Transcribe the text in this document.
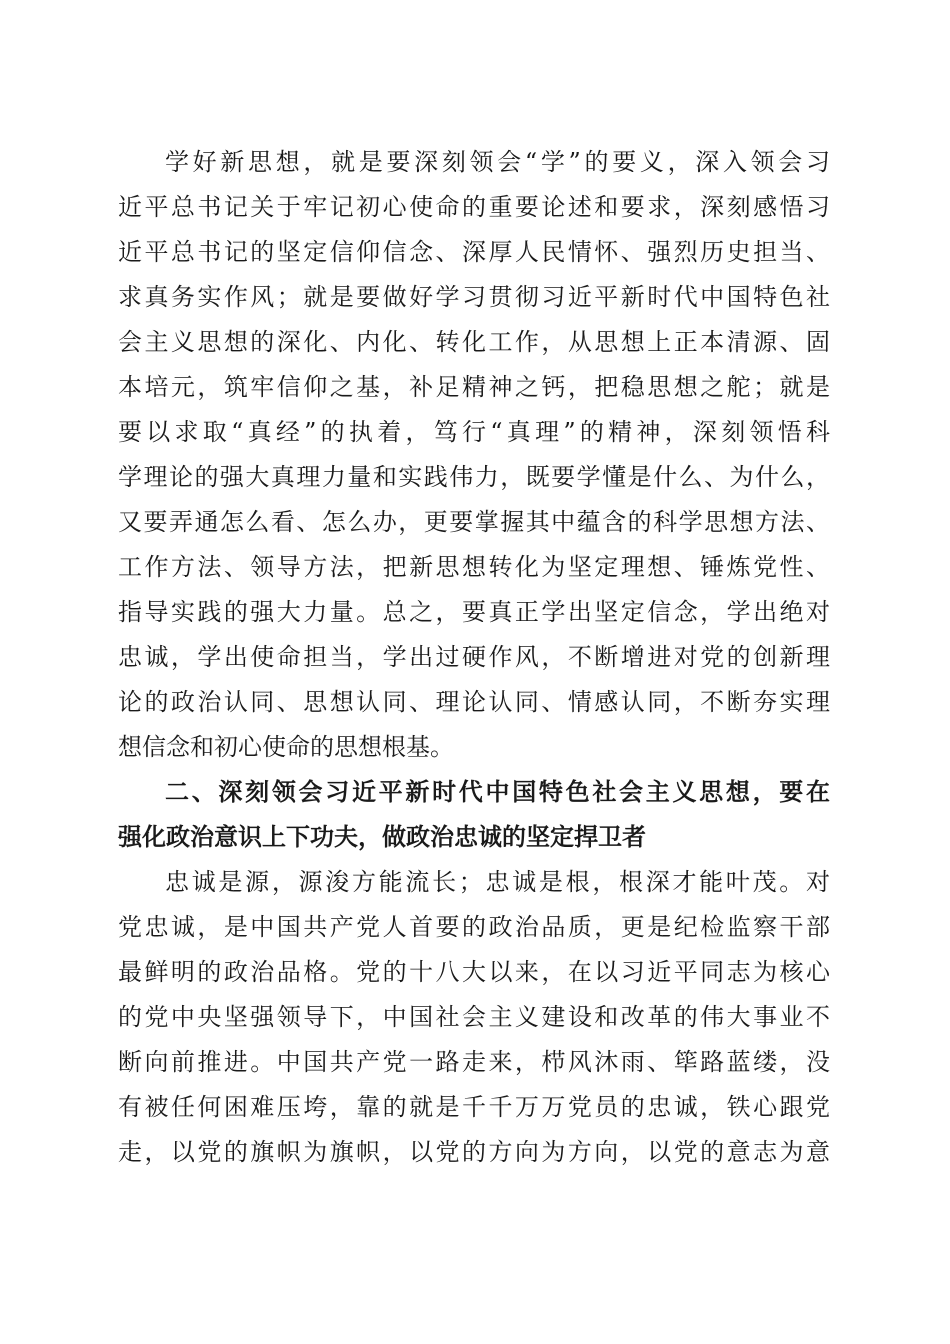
学好新思想，就是要深刻领会“学”的要义，深入领会习
近平总书记关于牢记初心使命的重要论述和要求，深刻感悟习
近平总书记的坚定信仰信念、深厚人民情怀、强烈历史担当、
求真务实作风；就是要做好学习贯彻习近平新时代中国特色社
会主义思想的深化、内化、转化工作，从思想上正本清源、固
本培元，筑牢信仰之基，补足精神之钙，把稳思想之舵；就是
要以求取“真经”的执着，笃行“真理”的精神，深刻领悟科
学理论的强大真理力量和实践伟力，既要学懂是什么、为什么，
又要弄通怎么看、怎么办，更要掌握其中蕴含的科学思想方法、
工作方法、领导方法，把新思想转化为坚定理想、锤炼党性、
指导实践的强大力量。总之，要真正学出坚定信念，学出绝对
忠诚，学出使命担当，学出过硬作风，不断增进对党的创新理
论的政治认同、思想认同、理论认同、情感认同，不断夯实理
想信念和初心使命的思想根基。
二、深刻领会习近平新时代中国特色社会主义思想，要在
强化政治意识上下功夫，做政治忠诚的坚定捍卫者
忠诚是源，源浚方能流长；忠诚是根，根深才能叶茂。对
党忠诚，是中国共产党人首要的政治品质，更是纪检监察干部
最鲜明的政治品格。党的十八大以来，在以习近平同志为核心
的党中央坚强领导下，中国社会主义建设和改革的伟大事业不
断向前推进。中国共产党一路走来，栉风沐雨、筚路蓝缕，没
有被任何困难压垮，靠的就是千千万万党员的忠诚，铁心跟党
走，以党的旗帜为旗帜，以党的方向为方向，以党的意志为意
